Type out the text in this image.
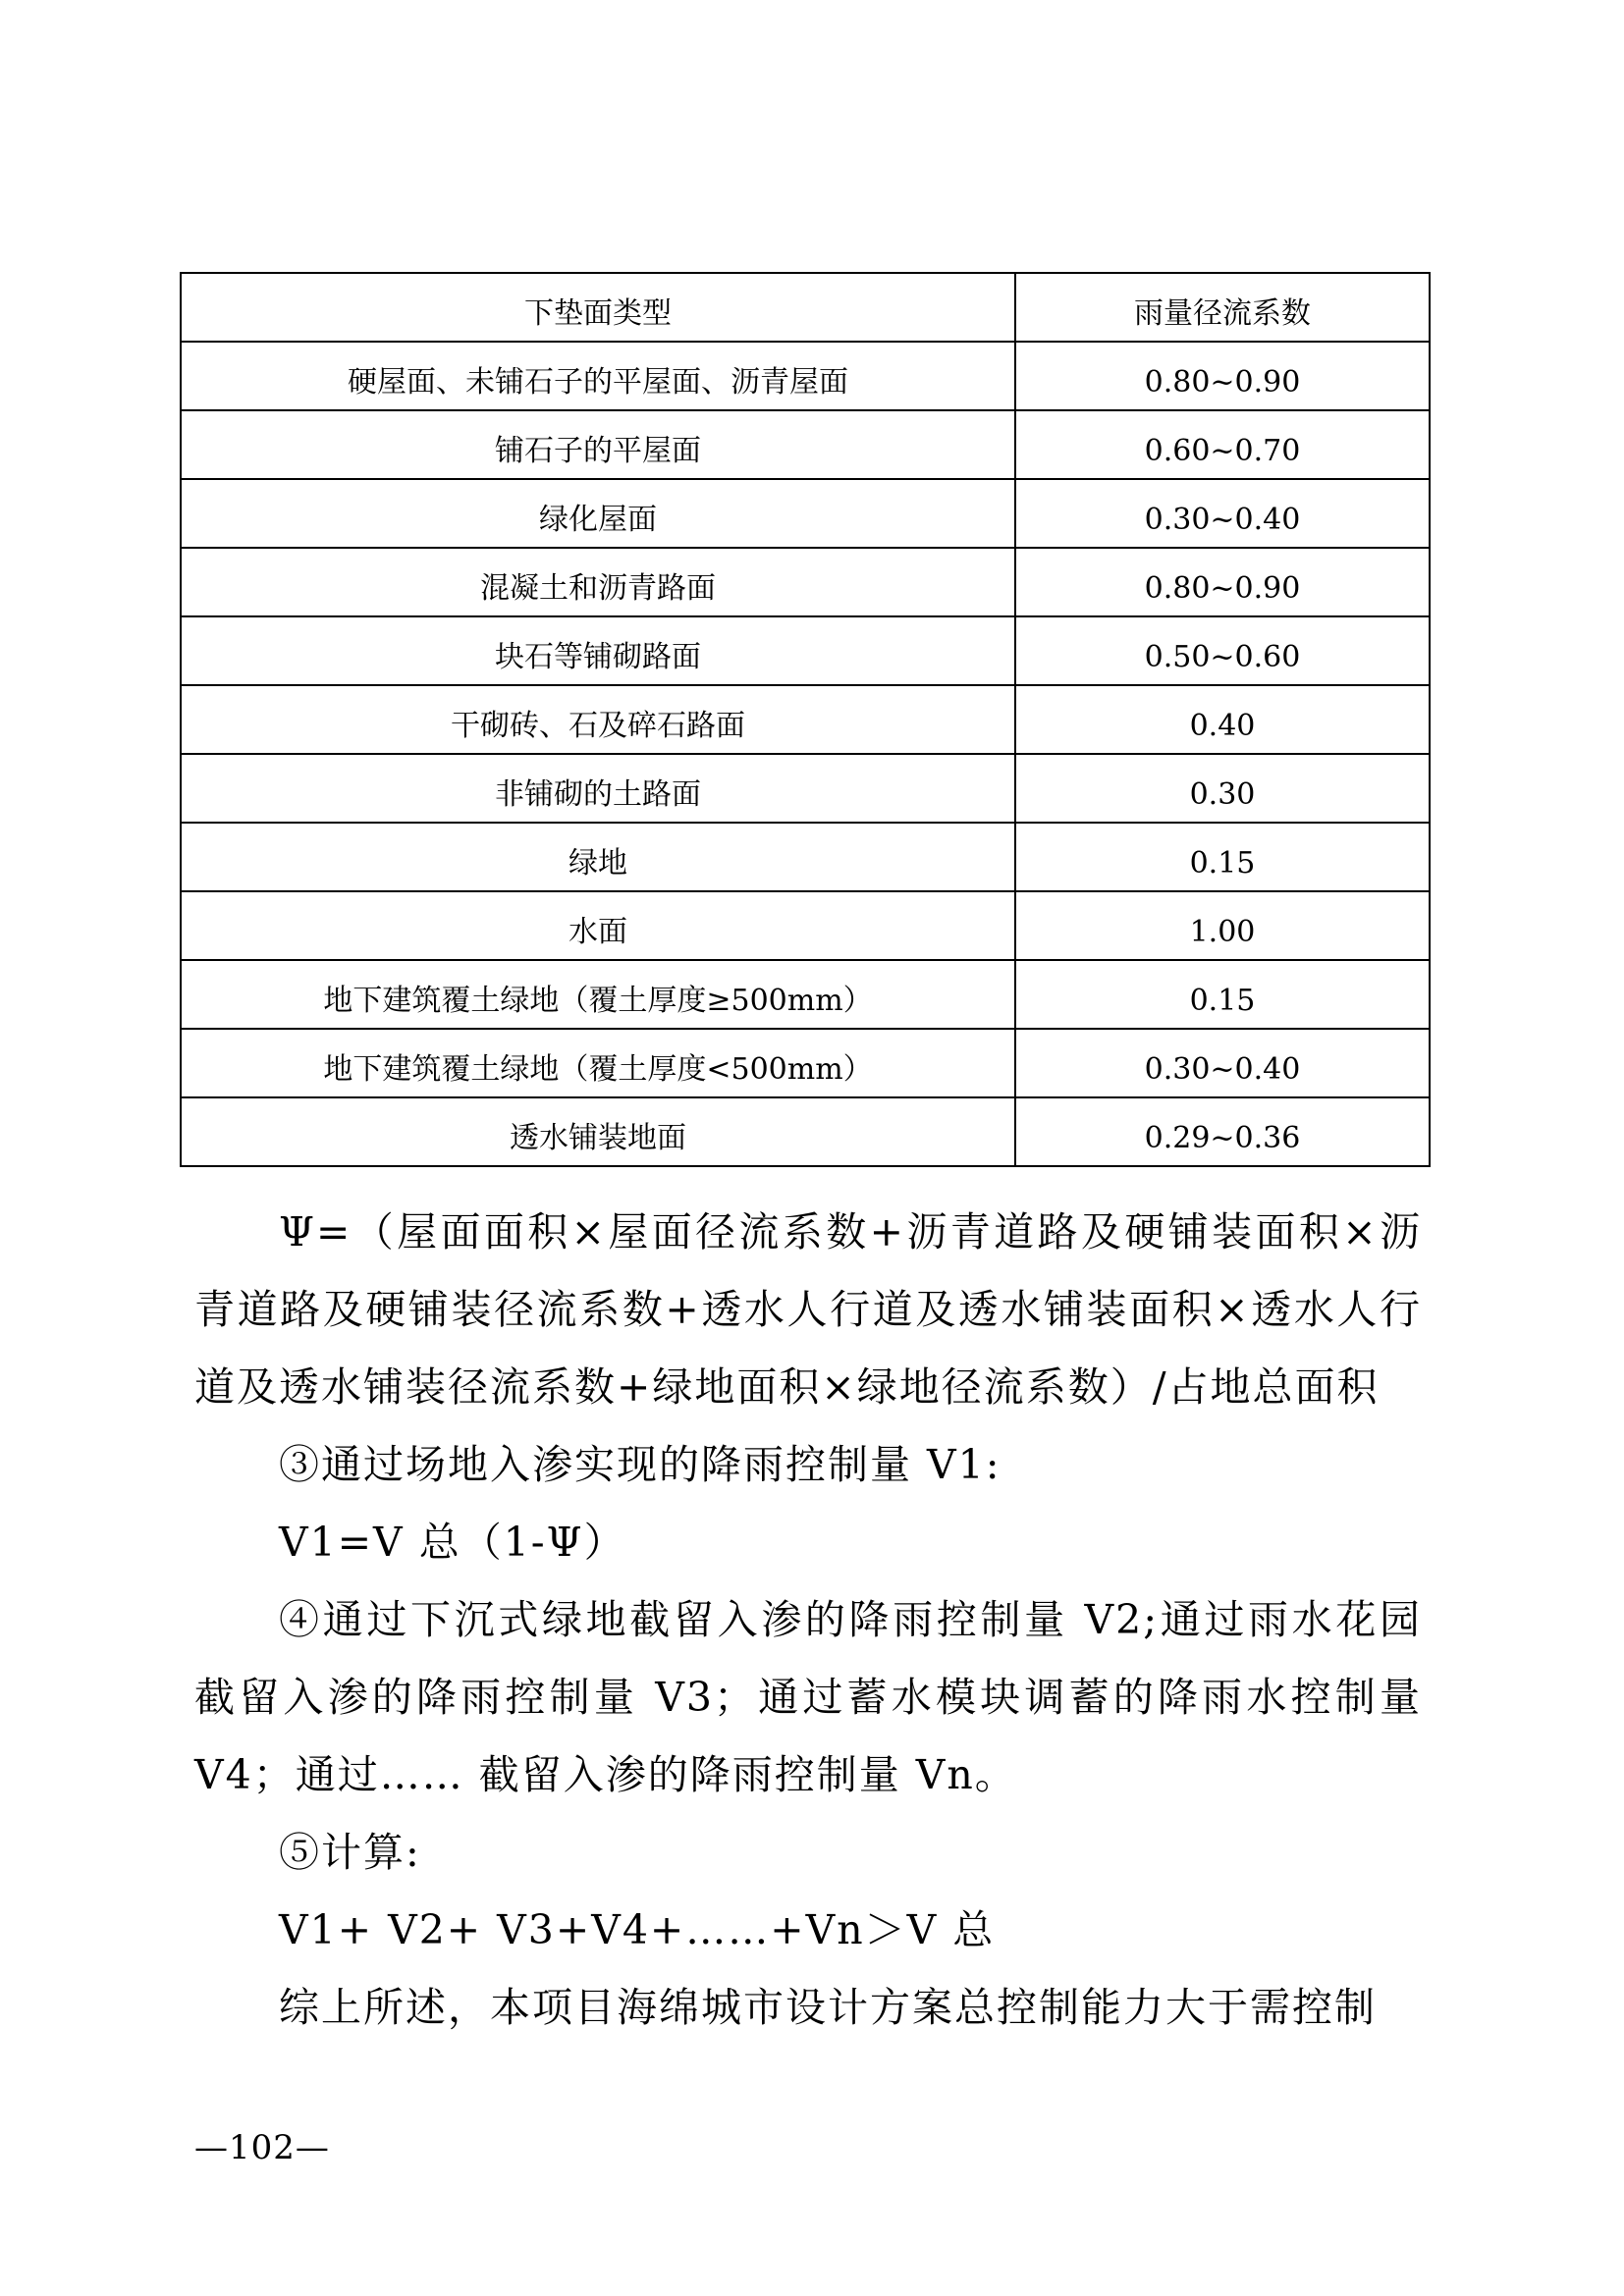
下垫面类型	雨量径流系数

硬屋面、未铺石子的平屋面、沥青屋面	0.80~0.90

铺石子的平屋面	0.60~0.70

绿化屋面	0.30~0.40

混凝土和沥青路面	0.80~0.90

块石等铺砌路面	0.50~0.60

干砌砖、石及碎石路面	0.40

非铺砌的土路面	0.30

绿地	0.15

水面	1.00

地下建筑覆土绿地（覆土厚度≥500mm）	0.15

地下建筑覆土绿地（覆土厚度<500mm）	0.30~0.40

透水铺装地面	0.29~0.36

Ψ=（屋面面积×屋面径流系数+沥青道路及硬铺装面积×沥青道路及硬铺装径流系数+透水人行道及透水铺装面积×透水人行道及透水铺装径流系数+绿地面积×绿地径流系数）/占地总面积

③通过场地入渗实现的降雨控制量 V1:

V1=V 总（1-Ψ）

④通过下沉式绿地截留入渗的降雨控制量 V2;通过雨水花园截留入渗的降雨控制量 V3；通过蓄水模块调蓄的降雨水控制量 V4；通过…… 截留入渗的降雨控制量 Vn。

⑤计算:

V1+ V2+ V3+V4+……+Vn＞V 总

综上所述，本项目海绵城市设计方案总控制能力大于需控制

—102—
